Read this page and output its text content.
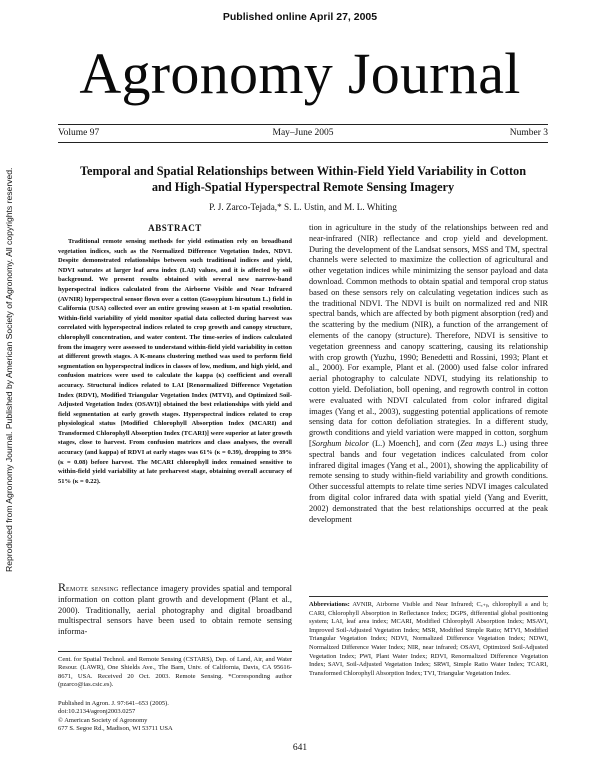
Reproduced from Agronomy Journal. Published by American Society of Agronomy. All copyrights reserved.
Published online April 27, 2005
Agronomy Journal
Volume 97	May–June 2005	Number 3
Temporal and Spatial Relationships between Within-Field Yield Variability in Cotton and High-Spatial Hyperspectral Remote Sensing Imagery
P. J. Zarco-Tejada,* S. L. Ustin, and M. L. Whiting
ABSTRACT
Traditional remote sensing methods for yield estimation rely on broadband vegetation indices, such as the Normalized Difference Vegetation Index, NDVI. Despite demonstrated relationships between such traditional indices and yield, NDVI saturates at larger leaf area index (LAI) values, and it is affected by soil background. We present results obtained with several new narrow-band hyperspectral indices calculated from the Airborne Visible and Near Infrared (AVNIR) hyperspectral sensor flown over a cotton (Gossypium hirsutum L.) field in California (USA) collected over an entire growing season at 1-m spatial resolution. Within-field variability of yield monitor spatial data collected during harvest was correlated with hyperspectral indices related to crop growth and canopy structure, chlorophyll concentration, and water content. The time-series of indices calculated from the imagery were assessed to understand within-field yield variability in cotton at different growth stages. A K-means clustering method was used to perform field segmentation on hyperspectral indices in classes of low, medium, and high yield, and confusion matrices were used to calculate the kappa (κ) coefficient and overall accuracy. Structural indices related to LAI [Renormalized Difference Vegetation Index (RDVI), Modified Triangular Vegetation Index (MTVI), and Optimized Soil-Adjusted Vegetation Index (OSAVI)] obtained the best relationships with yield and field segmentation at early growth stages. Hyperspectral indices related to crop physiological status [Modified Chlorophyll Absorption Index (MCARI) and Transformed Chlorophyll Absorption Index (TCARI)] were superior at later growth stages, close to harvest. From confusion matrices and class analyses, the overall accuracy (and kappa) of RDVI at early stages was 61% (κ = 0.39), dropping to 39% (κ = 0.08) before harvest. The MCARI chlorophyll index remained sensitive to within-field yield variability at late preharvest stage, obtaining overall accuracy of 51% (κ = 0.22).
Remote sensing reflectance imagery provides spatial and temporal information on cotton plant growth and development (Plant et al., 2000). Traditionally, aerial photography and digital broadband multispectral sensors have been used to obtain remote sensing informa-
Cent. for Spatial Technol. and Remote Sensing (CSTARS), Dep. of Land, Air, and Water Resour. (LAWR), One Shields Ave., The Barn, Univ. of California, Davis, CA 95616-8671, USA. Received 20 Oct. 2003. Remote Sensing. *Corresponding author (pzarco@ias.csic.es).
Published in Agron. J. 97:641–653 (2005).
doi:10.2134/agronj2003.0257
© American Society of Agronomy
677 S. Segoe Rd., Madison, WI 53711 USA
tion in agriculture in the study of the relationships between red and near-infrared (NIR) reflectance and crop yield and development. During the development of the Landsat sensors, MSS and TM, spectral channels were selected to maximize the collection of agricultural and other vegetation indices while minimizing the sensor payload and data download. Common methods to obtain spatial and temporal crop status based on these sensors rely on calculating vegetation indices such as the traditional NDVI. The NDVI is built on normalized red and NIR spectral bands, which are affected by both pigment absorption (red) and the scattering by the medium (NIR), a function of the arrangement of elements of the canopy (structure). Therefore, NDVI is sensitive to vegetation greenness and canopy scattering, causing its relationship with crop growth (Yuzhu, 1990; Benedetti and Rossini, 1993; Plant et al., 2000). For example, Plant et al. (2000) used false color infrared aerial photography to calculate NDVI, studying its relationship to cotton yield. Defoliation, boll opening, and regrowth control in cotton were evaluated with NDVI calculated from color infrared digital images (Yang et al., 2003), suggesting potential applications of remote sensing data for cotton defoliation strategies. In a different study, growth conditions and yield variation were mapped in cotton, sorghum [Sorghum bicolor (L.) Moench], and corn (Zea mays L.) using three spectral bands and four vegetation indices calculated from color infrared digital images (Yang et al., 2001), showing the applicability of remote sensing to study within-field variability and growth conditions. Other successful attempts to relate time series NDVI images calculated from digital color infrared data with spatial yield (Yang and Everitt, 2002) demonstrated that the best relationships occurred at the peak development
Abbreviations: AVNIR, Airborne Visible and Near Infrared; Cₐ₊ᵦ, chlorophyll a and b; CARI, Chlorophyll Absorption in Reflectance Index; DGPS, differential global positioning system; LAI, leaf area index; MCARI, Modified Chlorophyll Absorption Index; MSAVI, Improved Soil-Adjusted Vegetation Index; MSR, Modified Simple Ratio; MTVI, Modified Triangular Vegetation Index; NDVI, Normalized Difference Vegetation Index; NDWI, Normalized Difference Water Index; NIR, near infrared; OSAVI, Optimized Soil-Adjusted Vegetation Index; PWI, Plant Water Index; RDVI, Renormalized Difference Vegetation Index; SAVI, Soil-Adjusted Vegetation Index; SRWI, Simple Ratio Water Index; TCARI, Transformed Chlorophyll Absorption Index; TVI, Triangular Vegetation Index.
641
